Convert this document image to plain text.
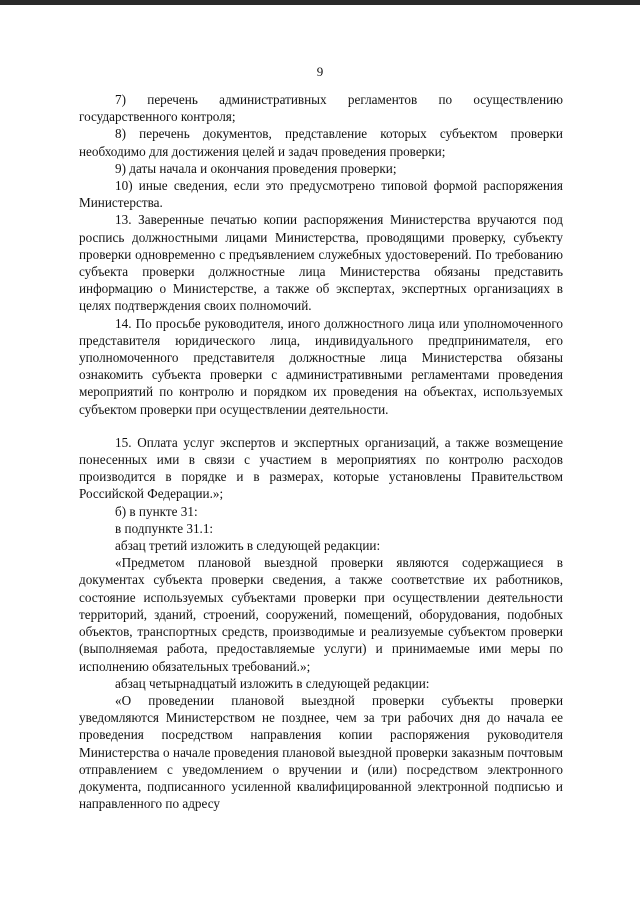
9

7) перечень административных регламентов по осуществлению государственного контроля;

8) перечень документов, представление которых субъектом проверки необходимо для достижения целей и задач проведения проверки;

9) даты начала и окончания проведения проверки;

10) иные сведения, если это предусмотрено типовой формой распоряжения Министерства.

13. Заверенные печатью копии распоряжения Министерства вручаются под роспись должностными лицами Министерства, проводящими проверку, субъекту проверки одновременно с предъявлением служебных удостоверений. По требованию субъекта проверки должностные лица Министерства обязаны представить информацию о Министерстве, а также об экспертах, экспертных организациях в целях подтверждения своих полномочий.

14. По просьбе руководителя, иного должностного лица или уполномоченного представителя юридического лица, индивидуального предпринимателя, его уполномоченного представителя должностные лица Министерства обязаны ознакомить субъекта проверки с административными регламентами проведения мероприятий по контролю и порядком их проведения на объектах, используемых субъектом проверки при осуществлении деятельности.

15. Оплата услуг экспертов и экспертных организаций, а также возмещение понесенных ими в связи с участием в мероприятиях по контролю расходов производится в порядке и в размерах, которые установлены Правительством Российской Федерации.»;

б) в пункте 31:

в подпункте 31.1:

абзац третий изложить в следующей редакции:

«Предметом плановой выездной проверки являются содержащиеся в документах субъекта проверки сведения, а также соответствие их работников, состояние используемых субъектами проверки при осуществлении деятельности территорий, зданий, строений, сооружений, помещений, оборудования, подобных объектов, транспортных средств, производимые и реализуемые субъектом проверки (выполняемая работа, предоставляемые услуги) и принимаемые ими меры по исполнению обязательных требований.»;

абзац четырнадцатый изложить в следующей редакции:

«О проведении плановой выездной проверки субъекты проверки уведомляются Министерством не позднее, чем за три рабочих дня до начала ее проведения посредством направления копии распоряжения руководителя Министерства о начале проведения плановой выездной проверки заказным почтовым отправлением с уведомлением о вручении и (или) посредством электронного документа, подписанного усиленной квалифицированной электронной подписью и направленного по адресу
